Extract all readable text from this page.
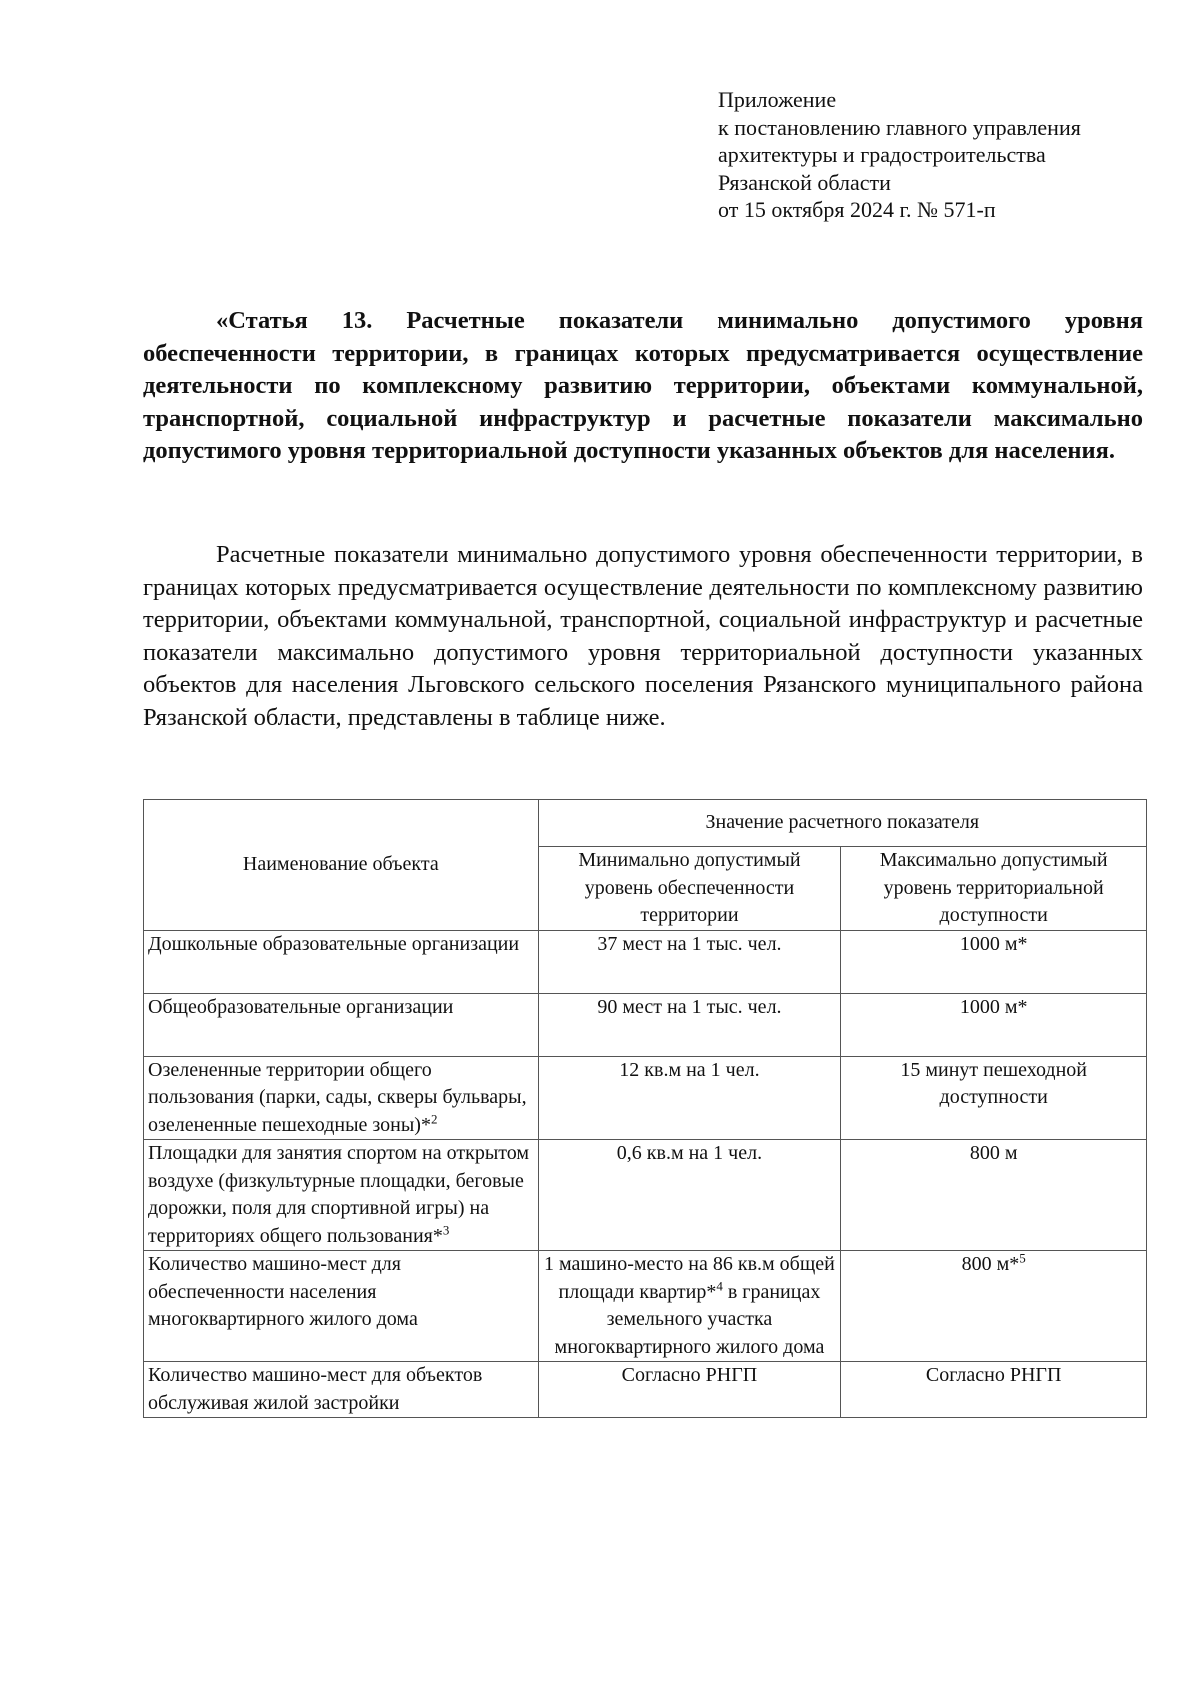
Приложение
к постановлению главного управления
архитектуры и градостроительства
Рязанской области
от 15 октября 2024 г. № 571-п
«Статья 13. Расчетные показатели минимально допустимого уровня обеспеченности территории, в границах которых предусматривается осуществление деятельности по комплексному развитию территории, объектами коммунальной, транспортной, социальной инфраструктур и расчетные показатели максимально допустимого уровня территориальной доступности указанных объектов для населения.
Расчетные показатели минимально допустимого уровня обеспеченности территории, в границах которых предусматривается осуществление деятельности по комплексному развитию территории, объектами коммунальной, транспортной, социальной инфраструктур и расчетные показатели максимально допустимого уровня территориальной доступности указанных объектов для населения Льговского сельского поселения Рязанского муниципального района Рязанской области, представлены в таблице ниже.
Наименование объекта	Значение расчетного показателя	
	Минимально допустимый уровень обеспеченности территории	Максимально допустимый уровень территориальной доступности
Дошкольные образовательные организации	37 мест на 1 тыс. чел.	1000 м*
Общеобразовательные организации	90 мест на 1 тыс. чел.	1000 м*
Озелененные территории общего пользования (парки, сады, скверы бульвары, озелененные пешеходные зоны)*$^2$	12 кв.м на 1 чел.	15 минут пешеходной доступности
Площадки для занятия спортом на открытом воздухе (физкультурные площадки, беговые дорожки, поля для спортивной игры) на территориях общего пользования*$^3$	0,6 кв.м на 1 чел.	800 м
Количество машино-мест для обеспеченности населения многоквартирного жилого дома	1 машино-место на 86 кв.м общей площади квартир*$^4$ в границах земельного участка многоквартирного жилого дома	800 м*$^5$
Количество машино-мест для объектов обслуживая жилой застройки	Согласно РНГП	Согласно РНГП
